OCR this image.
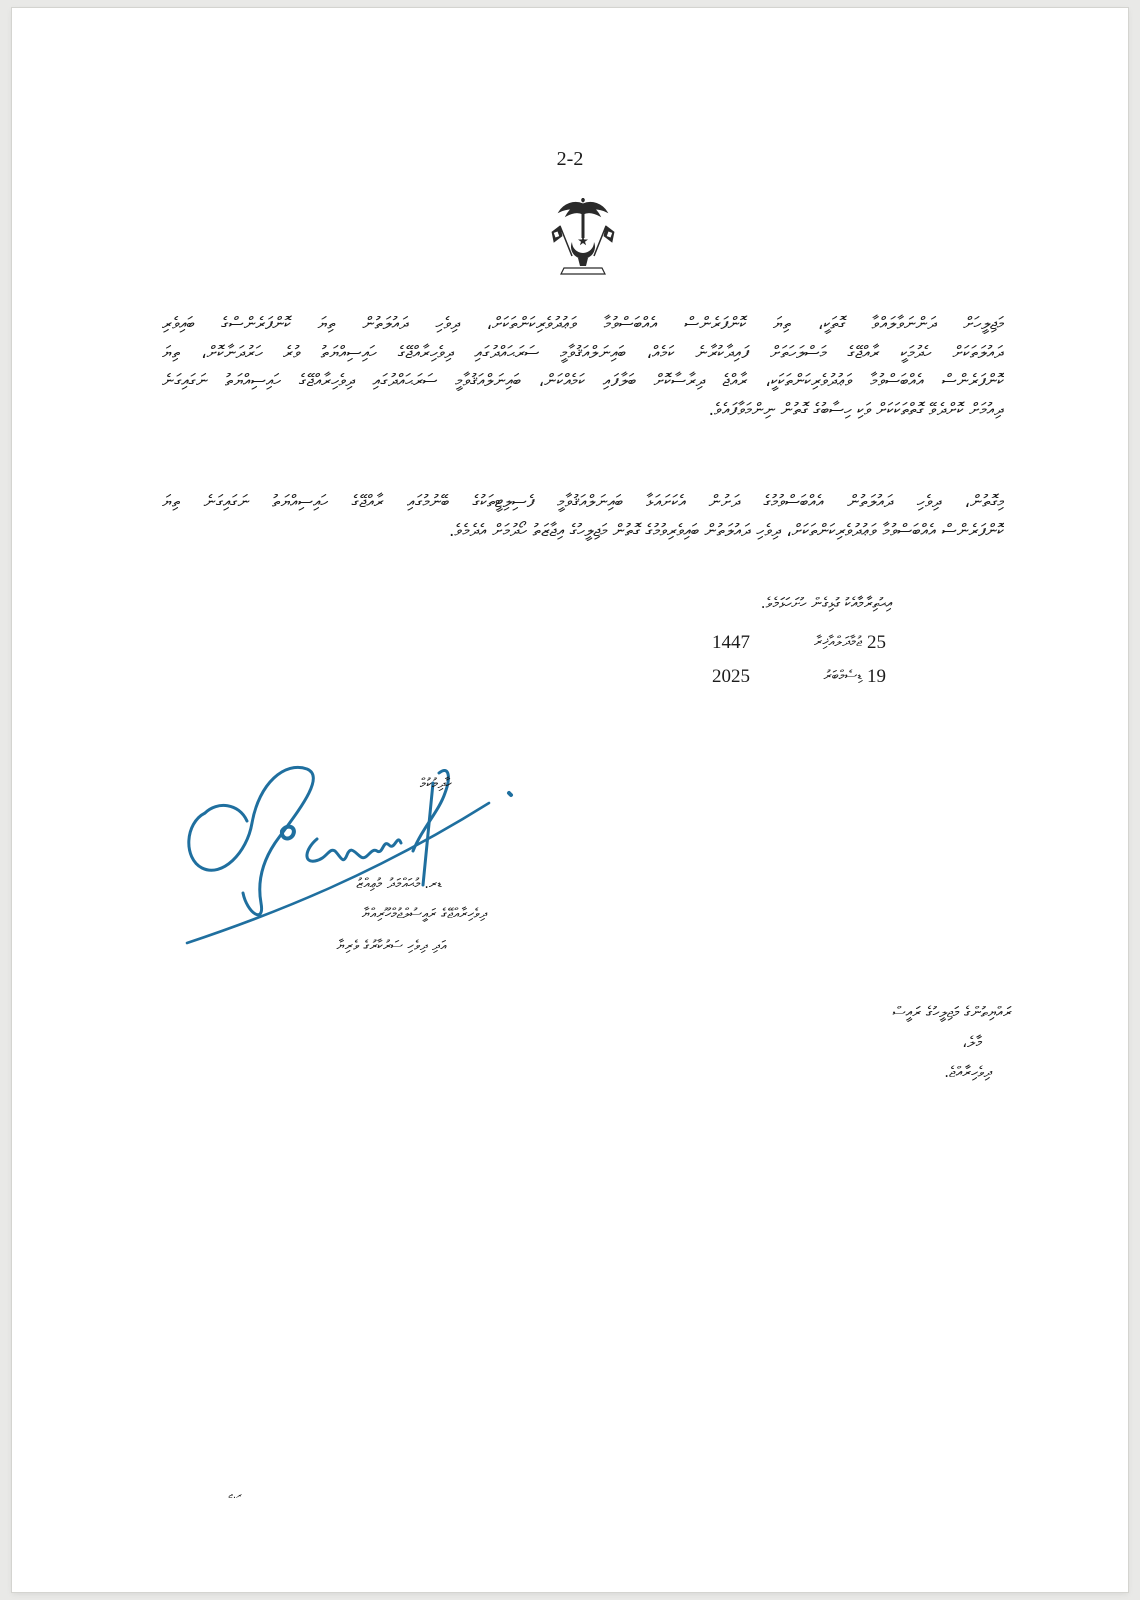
2-2
މަޖިލީހަށް ދަންނަވާލައްވާ ގޮތަކީ، ތިޔަ ކޮންފަރެންސް އެއްބަސްވުމާ ވަޢުދުވެރިކަންތަކަށް، ދިވެހި ދައުލަތުން ތިޔަ ކޮންފަރެންސްގެ ބައިވެރި
ދައުލަތަކަށް ހެދުމަކީ ރާއްޖޭގެ މަސްލަހަތަށް ފައިދާކުރާނެ ކަމެއް، ބައިނަލްއަޤުވާމީ ސަރަޙައްދުގައި ދިވެހިރާއްޖޭގެ ހައިސިއްޔަތު ވުރެ ހަރުދަނާކޮށް، ތިޔަ
ކޮންފަރެންސް އެއްބަސްވުމާ ވަޢުދުވެރިކަންތަކަކީ، ރާއްޖެ ދިރާސާކޮށް ބަލާފައި ކަމެއްކަން، ބައިނަލްއަޤުވާމީ ސަރަޙައްދުގައި ދިވެހިރާއްޖޭގެ ހައިސިއްޔަތު ނަގައިގަނެ
ދިއުމަށް ކޮށްދެވޭ ގޮތްތަކަކަށް ވަކި ހިސާބުގެ ގޮތުން ނިންމަވާފައެވެ.
މިގޮތުން، ދިވެހި ދައުލަތުން އެއްބަސްވުމުގެ ދަށުން އެކަށައަޅާ ބައިނަލްއަޤުވާމީ ފެސިލިޓީތަކުގެ ބޭނުމުގައި ރާއްޖޭގެ ހައިސިއްޔަތު ނަގައިގަނެ ތިޔަ
ކޮންފަރެންސް އެއްބަސްވުމާ ވަޢުދުވެރިކަންތަކަށް، ދިވެހި ދައުލަތުން ބައިވެރިވުމުގެ ގޮތުން މަޖިލީހުގެ އިޖާޒަތު ހޯދުމަށް އެދެމެވެ.
އިޙުތިރާމާއެކު ގުޅިގެން ހުށަހަޅަމެވެ.
25
ޖުމާދަލްއާޚިރާ
1447
19
ޑިސެމްބަރު
2025
ހާދިމުކުމް
ޑރ. މުޙައްމަދު މުޢިއްޒު
ދިވެހިރާއްޖޭގެ ރައީސުލްޖުމްހޫރިއްޔާ
އަދި ދިވެހި ސަރުކާރުގެ ވެރިޔާ
ރައްޔިތުންގެ މަޖިލީހުގެ ރައީސް
މާލެ،
ދިވެހިރާއްޖެ.
ރ.ޖ
